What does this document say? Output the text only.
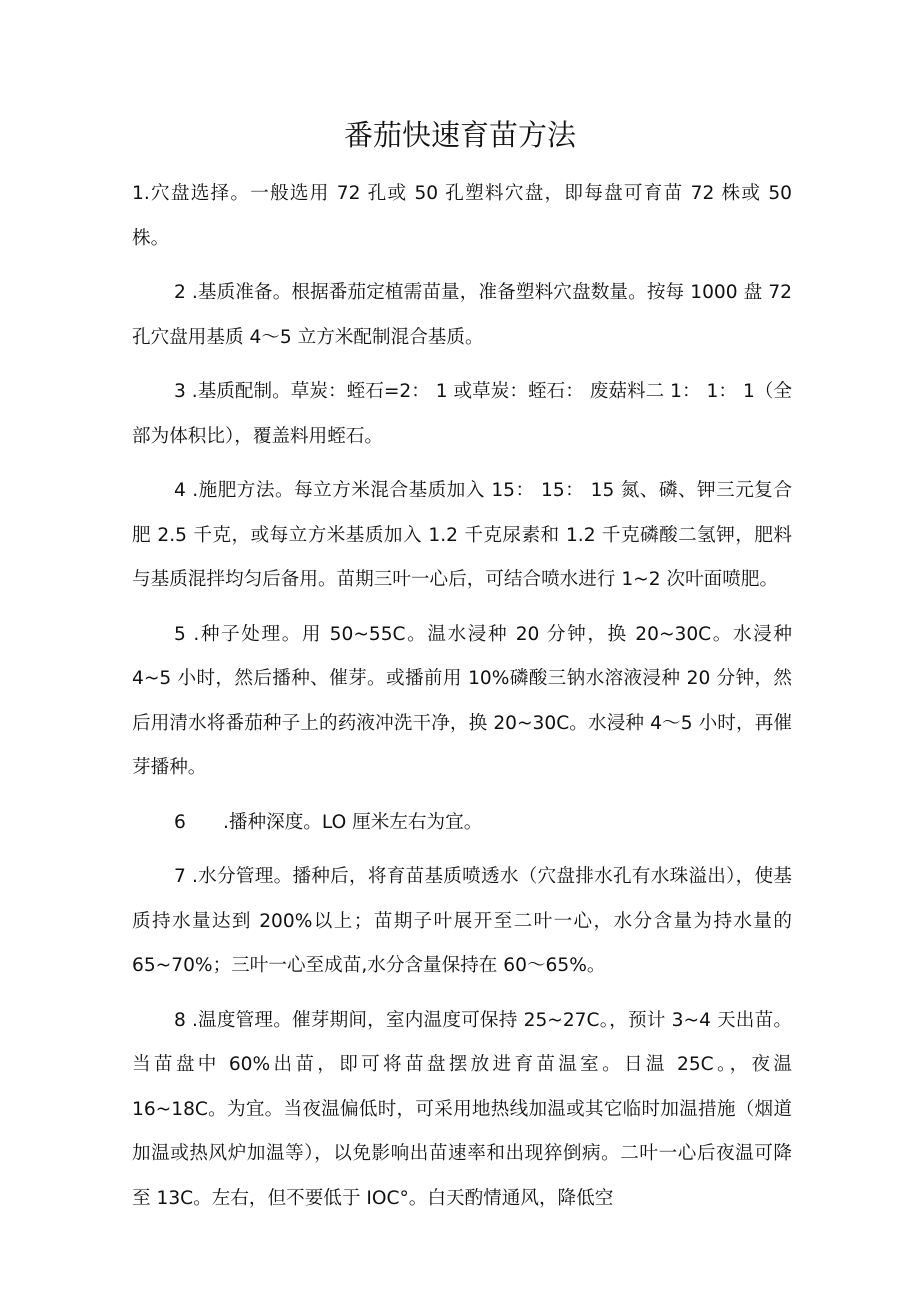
番茄快速育苗方法

1.穴盘选择。一般选用 72 孔或 50 孔塑料穴盘，即每盘可育苗 72 株或 50 株。

2 .基质准备。根据番茄定植需苗量，准备塑料穴盘数量。按每 1000 盘 72 孔穴盘用基质 4～5 立方米配制混合基质。

3 .基质配制。草炭：蛭石=2： 1 或草炭：蛭石： 废菇料二 1： 1： 1（全部为体积比），覆盖料用蛭石。

4 .施肥方法。每立方米混合基质加入 15： 15： 15 氮、磷、钾三元复合肥 2.5 千克，或每立方米基质加入 1.2 千克尿素和 1.2 千克磷酸二氢钾，肥料与基质混拌均匀后备用。苗期三叶一心后，可结合喷水进行 1~2 次叶面喷肥。

5 .种子处理。用 50~55C。温水浸种 20 分钟，换 20~30C。水浸种 4~5 小时，然后播种、催芽。或播前用 10%磷酸三钠水溶液浸种 20 分钟，然后用清水将番茄种子上的药液冲洗干净，换 20~30C。水浸种 4～5 小时，再催芽播种。

6　　.播种深度。LO 厘米左右为宜。

7 .水分管理。播种后，将育苗基质喷透水（穴盘排水孔有水珠溢出），使基质持水量达到 200%以上；苗期子叶展开至二叶一心，水分含量为持水量的 65~70%；三叶一心至成苗,水分含量保持在 60～65%。

8 .温度管理。催芽期间，室内温度可保持 25~27C。，预计 3~4 天出苗。当苗盘中 60%出苗，即可将苗盘摆放进育苗温室。日温 25C。，夜温 16~18C。为宜。当夜温偏低时，可采用地热线加温或其它临时加温措施（烟道加温或热风炉加温等），以免影响出苗速率和出现猝倒病。二叶一心后夜温可降至 13C。左右，但不要低于 IOC°。白天酌情通风，降低空
